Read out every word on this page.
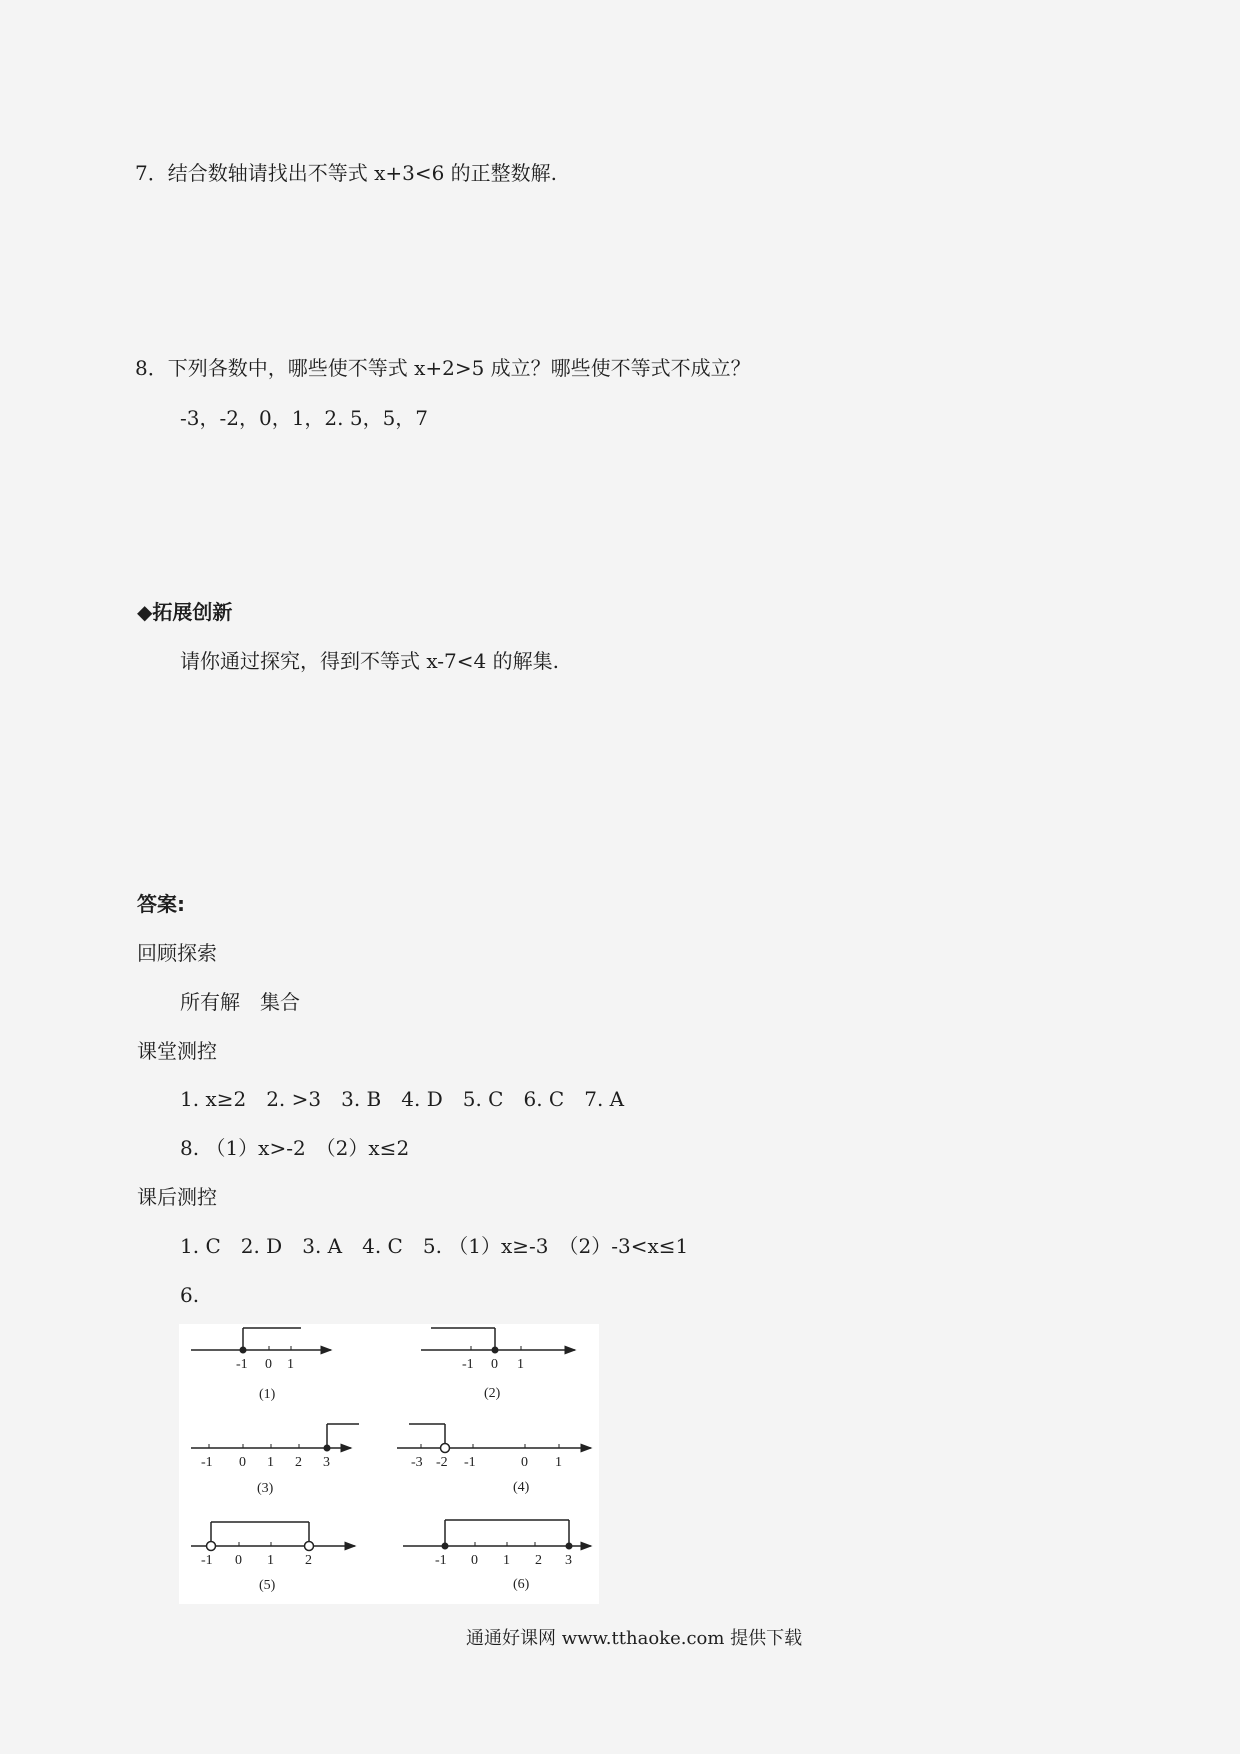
7．结合数轴请找出不等式 x+3<6 的正整数解.
8．下列各数中，哪些使不等式 x+2>5 成立？哪些使不等式不成立？
-3，-2，0，1，2. 5，5，7
◆拓展创新
请你通过探究，得到不等式 x-7<4 的解集.
答案:
回顾探索
所有解　集合
课堂测控
1. x≥2　2. >3　3. B　4. D　5. C　6. C　7. A
8. （1）x>-2　（2）x≤2
课后测控
1. C　2. D　3. A　4. C　5. （1）x≥-3　（2）-3<x≤1
6.
-1 0 1
(1)
-1 0 1
(2)
-1 0 1 2 3
(3)
-3 -2 -1	0 1
(4)
-1 0 1 2
(5)
-1 0 1 2 3
(6)
通通好课网 www.tthaoke.com 提供下载
